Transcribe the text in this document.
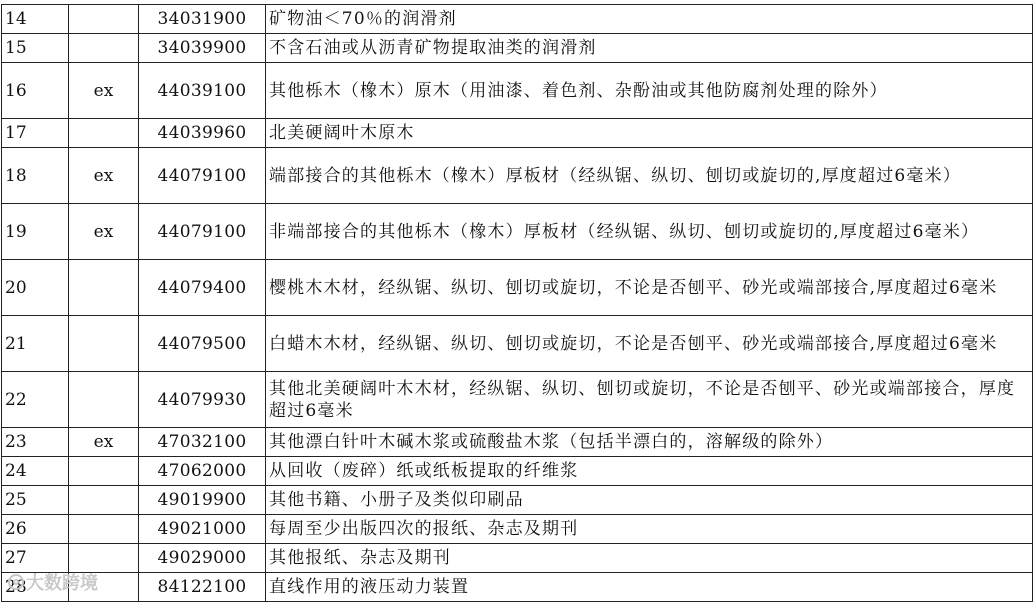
14		34031900	矿物油＜70％的润滑剂
15		34039900	不含石油或从沥青矿物提取油类的润滑剂
16	ex	44039100	其他栎木（橡木）原木（用油漆、着色剂、杂酚油或其他防腐剂处理的除外）
17		44039960	北美硬阔叶木原木
18	ex	44079100	端部接合的其他栎木（橡木）厚板材（经纵锯、纵切、刨切或旋切的,厚度超过6毫米）
19	ex	44079100	非端部接合的其他栎木（橡木）厚板材（经纵锯、纵切、刨切或旋切的,厚度超过6毫米）
20		44079400	樱桃木木材，经纵锯、纵切、刨切或旋切，不论是否刨平、砂光或端部接合,厚度超过6毫米
21		44079500	白蜡木木材，经纵锯、纵切、刨切或旋切，不论是否刨平、砂光或端部接合,厚度超过6毫米
22		44079930	其他北美硬阔叶木木材，经纵锯、纵切、刨切或旋切，不论是否刨平、砂光或端部接合，厚度超过6毫米
23	ex	47032100	其他漂白针叶木碱木浆或硫酸盐木浆（包括半漂白的，溶解级的除外）
24		47062000	从回收（废碎）纸或纸板提取的纤维浆
25		49019900	其他书籍、小册子及类似印刷品
26		49021000	每周至少出版四次的报纸、杂志及期刊
27		49029000	其他报纸、杂志及期刊
28		84122100	直线作用的液压动力装置
大数跨境
